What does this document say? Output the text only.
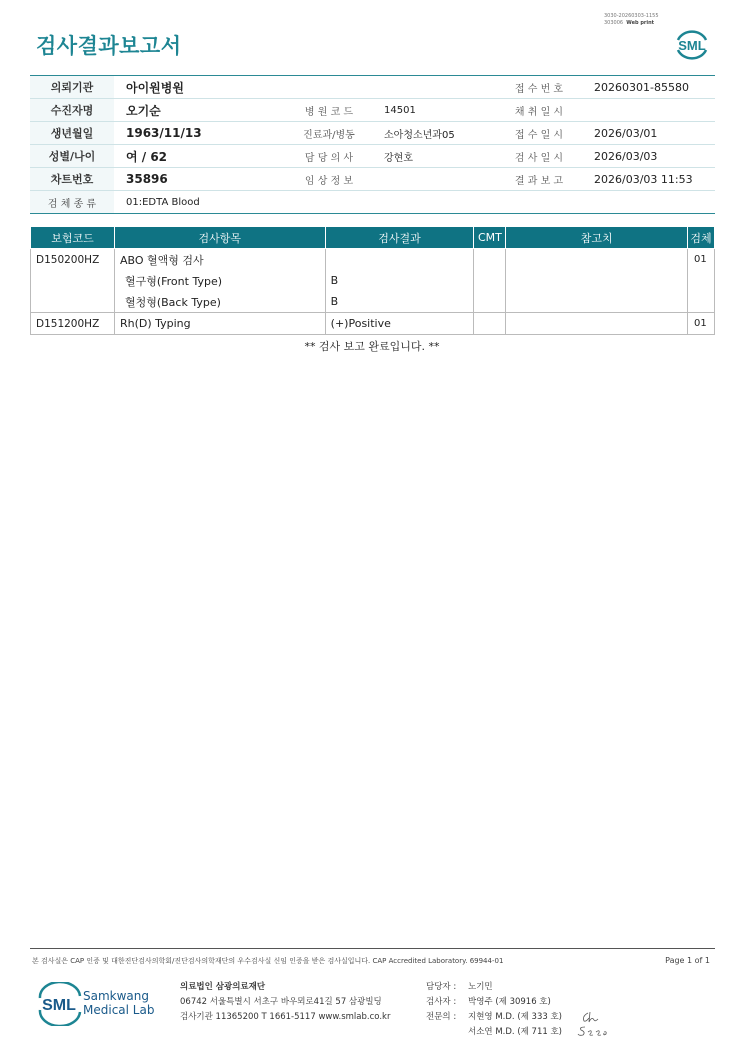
검사결과보고서
3030-20260303-1155
303006 Web print
SML
의뢰기관	아이원병원			접 수 번 호	20260301-85580
수진자명	오기순	병 원 코 드	14501	채 취 일 시	
생년월일	1963/11/13	진료과/병동	소아청소년과05	접 수 일 시	2026/03/01
성별/나이	여 / 62	담 당 의 사	강현호	검 사 일 시	2026/03/03
차트번호	35896	임 상 정 보		결 과 보 고	2026/03/03 11:53
검 체 종 류	01:EDTA Blood				
보험코드	검사항목	검사결과	CMT	참고치	검체
D150200HZ	ABO 혈액형 검사				01
	혈구형(Front Type)	B			
	혈청형(Back Type)	B			
D151200HZ	Rh(D) Typing	(+)Positive			01
** 검사 보고 완료입니다. **
본 검사실은 CAP 인증 및 대한진단검사의학회/진단검사의학재단의 우수검사실 신임 인증을 받은 검사실입니다. CAP Accredited Laboratory. 69944-01	Page 1 of 1
SML
Samkwang
Medical Lab
의료법인 삼광의료재단
06742 서울특별시 서초구 바우뫼로41길 57 삼광빌딩
검사기관 11365200 T 1661-5117 www.smlab.co.kr
담당자 :	노기민
검사자 :	박영주 (제 30916 호)
전문의 :	지현영 M.D. (제 333 호)
서소연 M.D. (제 711 호)
